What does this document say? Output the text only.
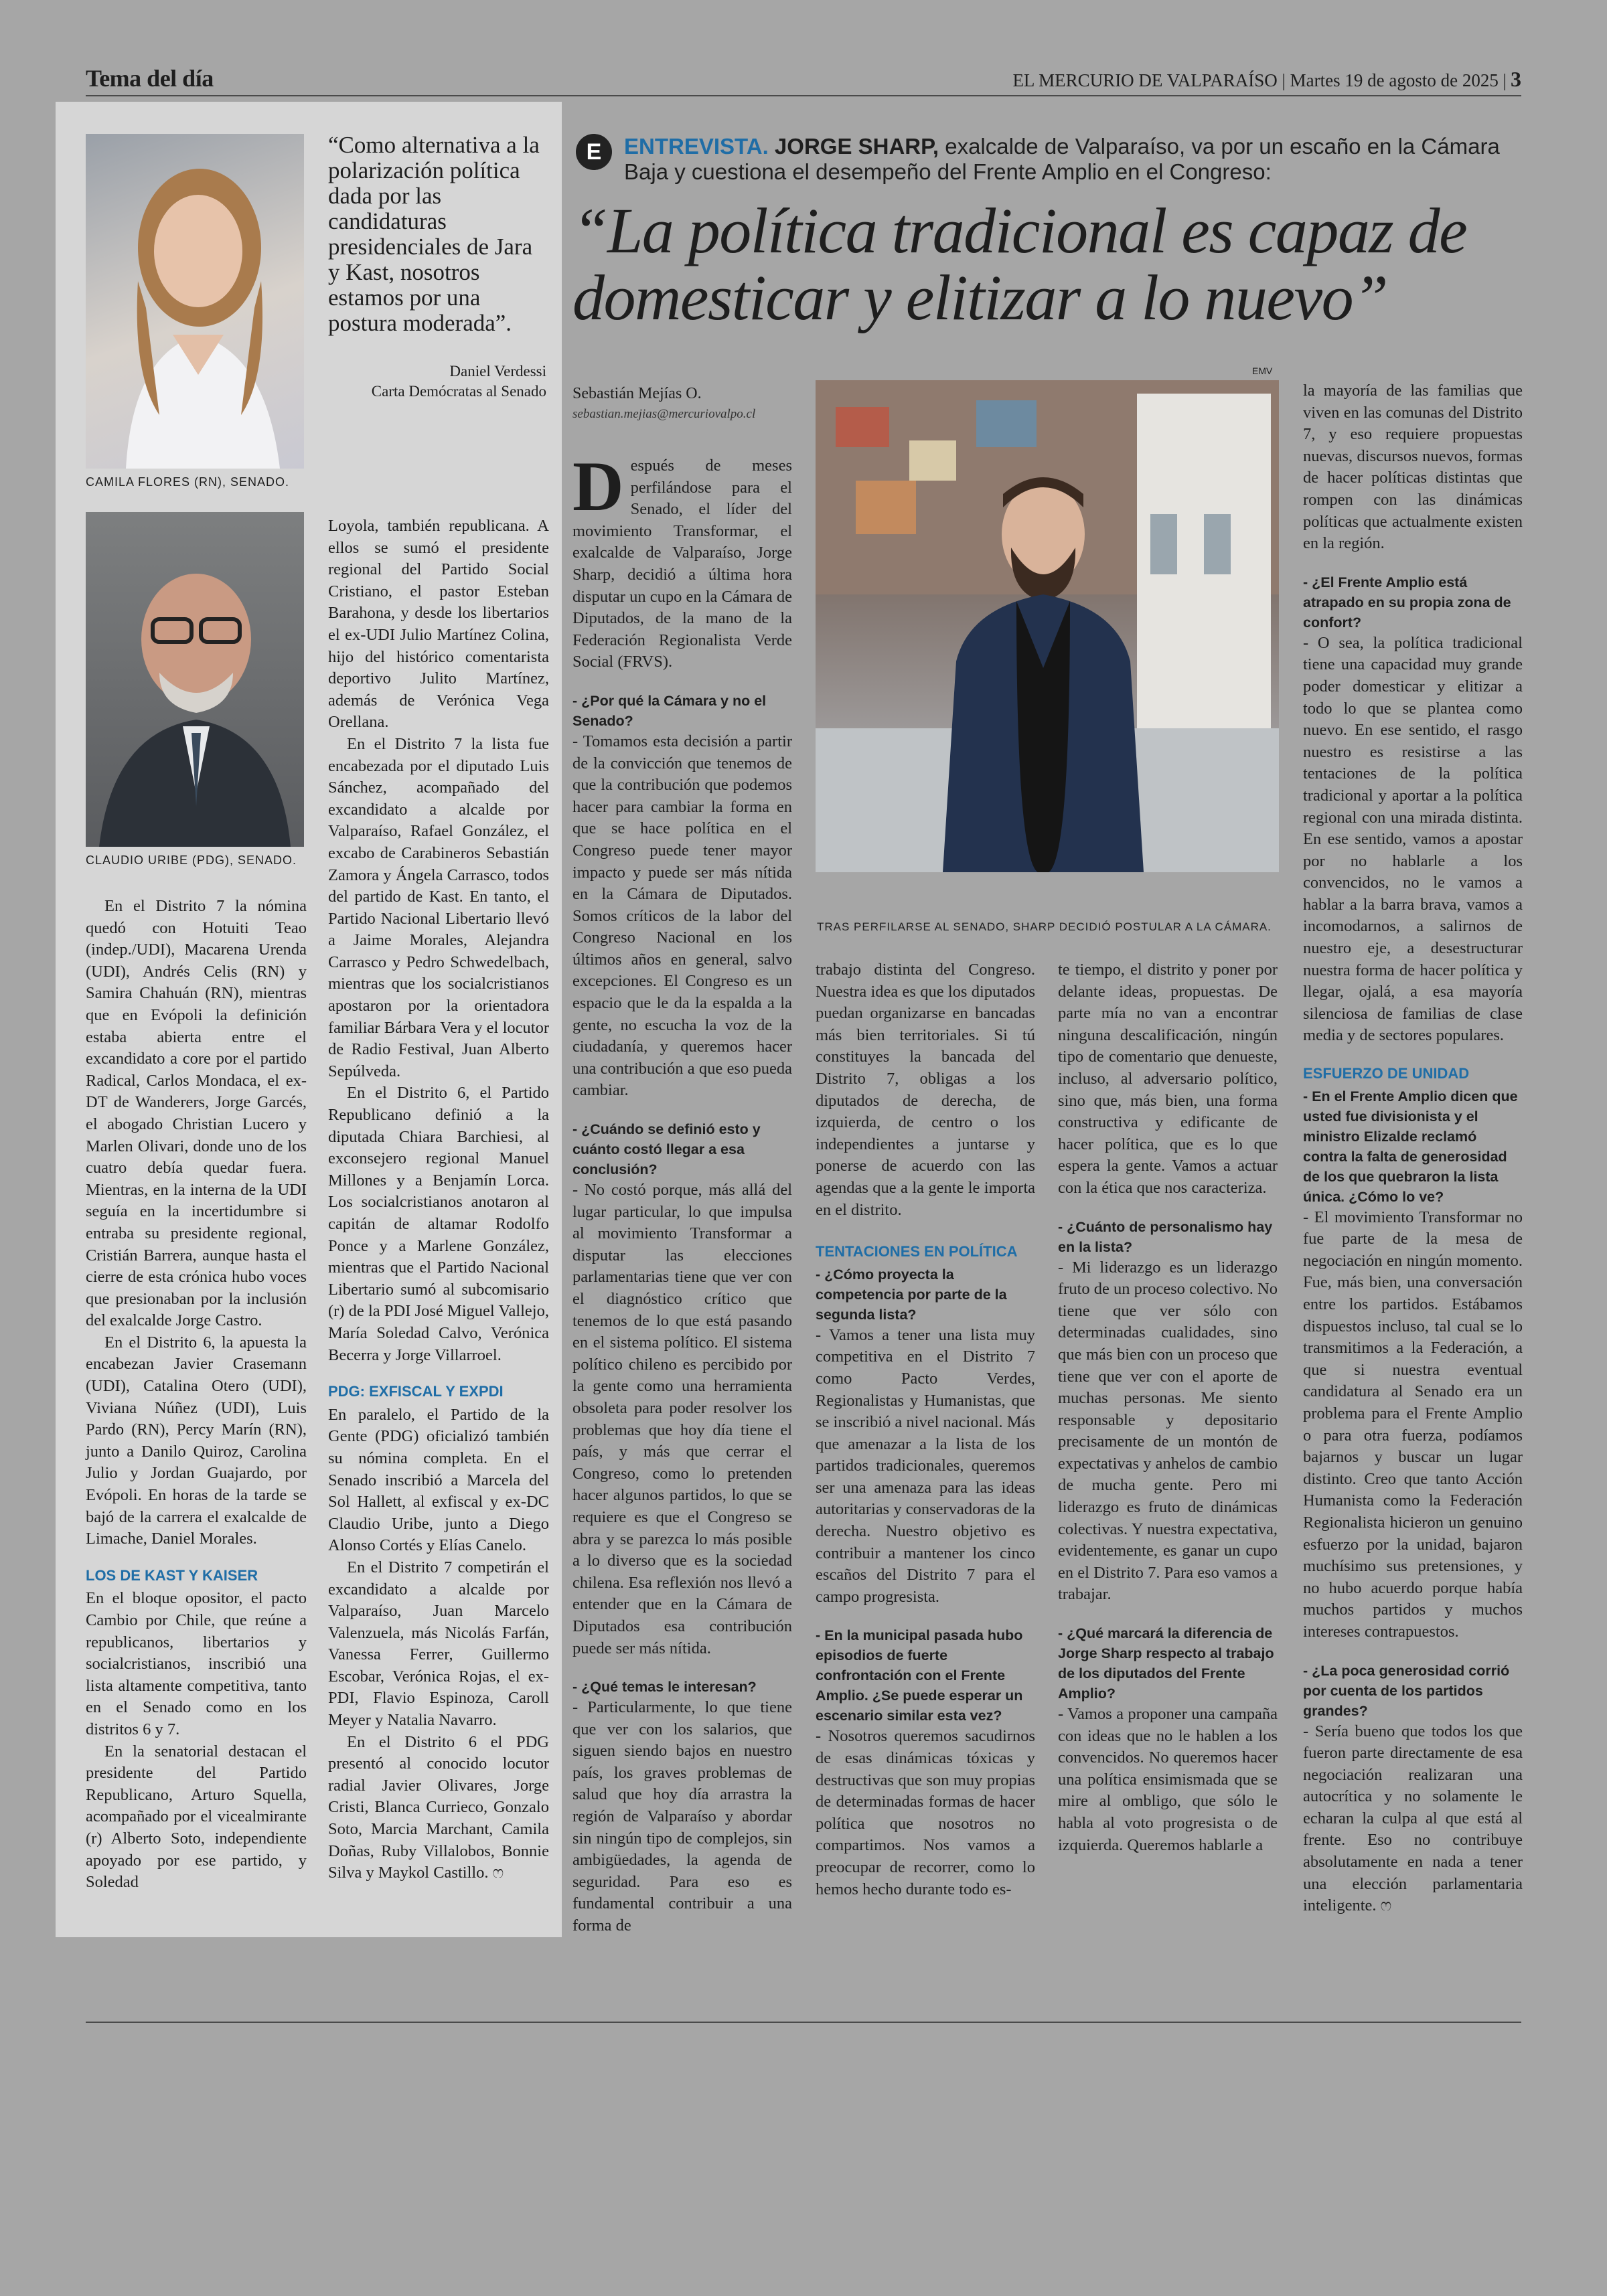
Tema del día	EL MERCURIO DE VALPARAÍSO | Martes 19 de agosto de 2025 | 3
CAMILA FLORES (RN), SENADO.
CLAUDIO URIBE (PDG), SENADO.
“Como alternativa a la polarización política dada por las candidaturas presidenciales de Jara y Kast, nosotros estamos por una postura moderada”.
Daniel Verdessi
Carta Demócratas al Senado

En el Distrito 7 la nómina quedó con Hotuiti Teao (indep./UDI), Macarena Urenda (UDI), Andrés Celis (RN) y Samira Chahuán (RN), mientras que en Evópoli la definición estaba abierta entre el excandidato a core por el partido Radical, Carlos Mondaca, el ex-DT de Wanderers, Jorge Garcés, el abogado Christian Lucero y Marlen Olivari, donde uno de los cuatro debía quedar fuera. Mientras, en la interna de la UDI seguía en la incertidumbre si entraba su presidente regional, Cristián Barrera, aunque hasta el cierre de esta crónica hubo voces que presionaban por la inclusión del exalcalde Jorge Castro.

En el Distrito 6, la apuesta la encabezan Javier Crasemann (UDI), Catalina Otero (UDI), Viviana Núñez (UDI), Luis Pardo (RN), Percy Marín (RN), junto a Danilo Quiroz, Carolina Julio y Jordan Guajardo, por Evópoli. En horas de la tarde se bajó de la carrera el exalcalde de Limache, Daniel Morales.

LOS DE KAST Y KAISER

En el bloque opositor, el pacto Cambio por Chile, que reúne a republicanos, libertarios y socialcristianos, inscribió una lista altamente competitiva, tanto en el Senado como en los distritos 6 y 7.

En la senatorial destacan el presidente del Partido Republicano, Arturo Squella, acompañado por el vicealmirante (r) Alberto Soto, independiente apoyado por ese partido, y Soledad

Loyola, también republicana. A ellos se sumó el presidente regional del Partido Social Cristiano, el pastor Esteban Barahona, y desde los libertarios el ex-UDI Julio Martínez Colina, hijo del histórico comentarista deportivo Julito Martínez, además de Verónica Vega Orellana.

En el Distrito 7 la lista fue encabezada por el diputado Luis Sánchez, acompañado del excandidato a alcalde por Valparaíso, Rafael González, el excabo de Carabineros Sebastián Zamora y Ángela Carrasco, todos del partido de Kast. En tanto, el Partido Nacional Libertario llevó a Jaime Morales, Alejandra Carrasco y Pedro Schwedelbach, mientras que los socialcristianos apostaron por la orientadora familiar Bárbara Vera y el locutor de Radio Festival, Juan Alberto Sepúlveda.

En el Distrito 6, el Partido Republicano definió a la diputada Chiara Barchiesi, al exconsejero regional Manuel Millones y a Benjamín Lorca. Los socialcristianos anotaron al capitán de altamar Rodolfo Ponce y a Marlene González, mientras que el Partido Nacional Libertario sumó al subcomisario (r) de la PDI José Miguel Vallejo, María Soledad Calvo, Verónica Becerra y Jorge Villarroel.

PDG: EXFISCAL Y EXPDI

En paralelo, el Partido de la Gente (PDG) oficializó también su nómina completa. En el Senado inscribió a Marcela del Sol Hallett, al exfiscal y ex-DC Claudio Uribe, junto a Diego Alonso Cortés y Elías Canelo.

En el Distrito 7 competirán el excandidato a alcalde por Valparaíso, Juan Marcelo Valenzuela, más Nicolás Farfán, Vanessa Ferrer, Guillermo Escobar, Verónica Rojas, el ex-PDI, Flavio Espinoza, Caroll Meyer y Natalia Navarro.

En el Distrito 6 el PDG presentó al conocido locutor radial Javier Olivares, Jorge Cristi, Blanca Currieco, Gonzalo Soto, Marcia Marchant, Camila Doñas, Ruby Villalobos, Bonnie Silva y Maykol Castillo. ෆ

E	ENTREVISTA. JORGE SHARP, exalcalde de Valparaíso, va por un escaño en la Cámara Baja y cuestiona el desempeño del Frente Amplio en el Congreso:
“La política tradicional es capaz de domesticar y elitizar a lo nuevo”
Sebastián Mejías O.
sebastian.mejias@mercuriovalpo.cl
EMV
TRAS PERFILARSE AL SENADO, SHARP DECIDIÓ POSTULAR A LA CÁMARA.

Después de meses perfilándose para el Senado, el líder del movimiento Transformar, el exalcalde de Valparaíso, Jorge Sharp, decidió a última hora disputar un cupo en la Cámara de Diputados, de la mano de la Federación Regionalista Verde Social (FRVS).

- ¿Por qué la Cámara y no el Senado?

- Tomamos esta decisión a partir de la convicción que tenemos de que la contribución que podemos hacer para cambiar la forma en que se hace política en el Congreso puede tener mayor impacto y puede ser más nítida en la Cámara de Diputados. Somos críticos de la labor del Congreso Nacional en los últimos años en general, salvo excepciones. El Congreso es un espacio que le da la espalda a la gente, no escucha la voz de la ciudadanía, y queremos hacer una contribución a que eso pueda cambiar.

- ¿Cuándo se definió esto y cuánto costó llegar a esa conclusión?

- No costó porque, más allá del lugar particular, lo que impulsa al movimiento Transformar a disputar las elecciones parlamentarias tiene que ver con el diagnóstico crítico que tenemos de lo que está pasando en el sistema político. El sistema político chileno es percibido por la gente como una herramienta obsoleta para poder resolver los problemas que hoy día tiene el país, y más que cerrar el Congreso, como lo pretenden hacer algunos partidos, lo que se requiere es que el Congreso se abra y se parezca lo más posible a lo diverso que es la sociedad chilena. Esa reflexión nos llevó a entender que en la Cámara de Diputados esa contribución puede ser más nítida.

- ¿Qué temas le interesan?

- Particularmente, lo que tiene que ver con los salarios, que siguen siendo bajos en nuestro país, los graves problemas de salud que hoy día arrastra la región de Valparaíso y abordar sin ningún tipo de complejos, sin ambigüedades, la agenda de seguridad. Para eso es fundamental contribuir a una forma de

trabajo distinta del Congreso. Nuestra idea es que los diputados puedan organizarse en bancadas más bien territoriales. Si tú constituyes la bancada del Distrito 7, obligas a los diputados de derecha, de izquierda, de centro o los independientes a juntarse y ponerse de acuerdo con las agendas que a la gente le importa en el distrito.

TENTACIONES EN POLÍTICA
- ¿Cómo proyecta la competencia por parte de la segunda lista?

- Vamos a tener una lista muy competitiva en el Distrito 7 como Pacto Verdes, Regionalistas y Humanistas, que se inscribió a nivel nacional. Más que amenazar a la lista de los partidos tradicionales, queremos ser una amenaza para las ideas autoritarias y conservadoras de la derecha. Nuestro objetivo es contribuir a mantener los cinco escaños del Distrito 7 para el campo progresista.

- En la municipal pasada hubo episodios de fuerte confrontación con el Frente Amplio. ¿Se puede esperar un escenario similar esta vez?

- Nosotros queremos sacudirnos de esas dinámicas tóxicas y destructivas que son muy propias de determinadas formas de hacer política que nosotros no compartimos. Nos vamos a preocupar de recorrer, como lo hemos hecho durante todo es-

te tiempo, el distrito y poner por delante ideas, propuestas. De parte mía no van a encontrar ninguna descalificación, ningún tipo de comentario que denueste, incluso, al adversario político, sino que, más bien, una forma constructiva y edificante de hacer política, que es lo que espera la gente. Vamos a actuar con la ética que nos caracteriza.

- ¿Cuánto de personalismo hay en la lista?

- Mi liderazgo es un liderazgo fruto de un proceso colectivo. No tiene que ver sólo con determinadas cualidades, sino que más bien con un proceso que tiene que ver con el aporte de muchas personas. Me siento responsable y depositario precisamente de un montón de expectativas y anhelos de cambio de mucha gente. Pero mi liderazgo es fruto de dinámicas colectivas. Y nuestra expectativa, evidentemente, es ganar un cupo en el Distrito 7. Para eso vamos a trabajar.

- ¿Qué marcará la diferencia de Jorge Sharp respecto al trabajo de los diputados del Frente Amplio?

- Vamos a proponer una campaña con ideas que no le hablen a los convencidos. No queremos hacer una política ensimismada que se mire al ombligo, que sólo le habla al voto progresista o de izquierda. Queremos hablarle a

la mayoría de las familias que viven en las comunas del Distrito 7, y eso requiere propuestas nuevas, discursos nuevos, formas de hacer políticas distintas que rompen con las dinámicas políticas que actualmente existen en la región.

- ¿El Frente Amplio está atrapado en su propia zona de confort?

- O sea, la política tradicional tiene una capacidad muy grande poder domesticar y elitizar a todo lo que se plantea como nuevo. En ese sentido, el rasgo nuestro es resistirse a las tentaciones de la política tradicional y aportar a la política regional con una mirada distinta. En ese sentido, vamos a apostar por no hablarle a los convencidos, no le vamos a hablar a la barra brava, vamos a incomodarnos, a salirnos de nuestro eje, a desestructurar nuestra forma de hacer política y llegar, ojalá, a esa mayoría silenciosa de familias de clase media y de sectores populares.

ESFUERZO DE UNIDAD
- En el Frente Amplio dicen que usted fue divisionista y el ministro Elizalde reclamó contra la falta de generosidad de los que quebraron la lista única. ¿Cómo lo ve?

- El movimiento Transformar no fue parte de la mesa de negociación en ningún momento. Fue, más bien, una conversación entre los partidos. Estábamos dispuestos incluso, tal cual se lo transmitimos a la Federación, a que si nuestra eventual candidatura al Senado era un problema para el Frente Amplio o para otra fuerza, podíamos bajarnos y buscar un lugar distinto. Creo que tanto Acción Humanista como la Federación Regionalista hicieron un genuino esfuerzo por la unidad, bajaron muchísimo sus pretensiones, y no hubo acuerdo porque había muchos partidos y muchos intereses contrapuestos.

- ¿La poca generosidad corrió por cuenta de los partidos grandes?

- Sería bueno que todos los que fueron parte directamente de esa negociación realizaran una autocrítica y no solamente le echaran la culpa al que está al frente. Eso no contribuye absolutamente en nada a tener una elección parlamentaria inteligente. ෆ
